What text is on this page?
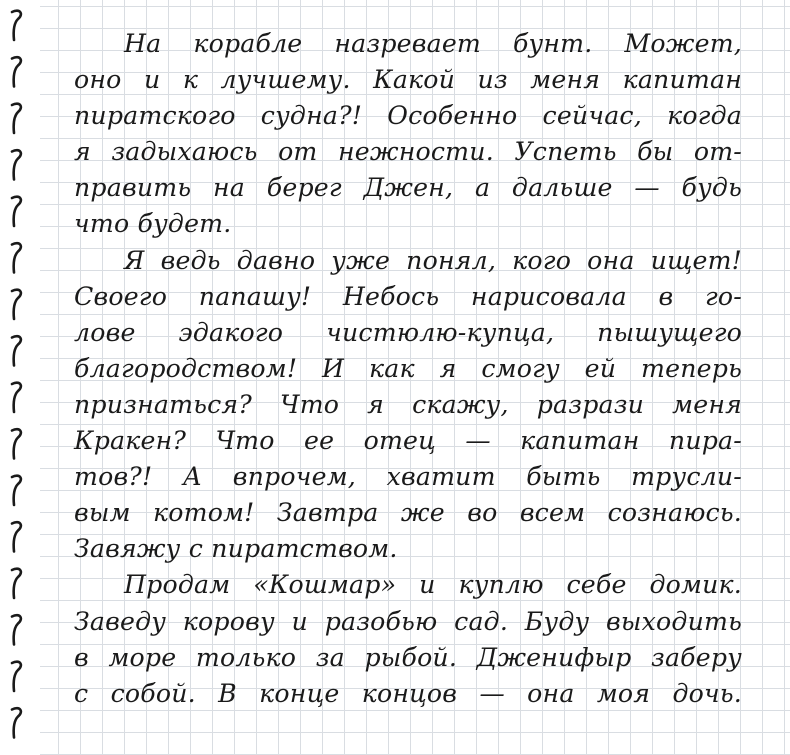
На корабле назревает бунт. Может,
оно и к лучшему. Какой из меня капитан
пиратского судна?! Особенно сейчас, когда
я задыхаюсь от нежности. Успеть бы от-
править на берег Джен, а дальше — будь
что будет.
Я ведь давно уже понял, кого она ищет!
Своего папашу! Небось нарисовала в го-
лове эдакого чистюлю-купца, пышущего
благородством! И как я смогу ей теперь
признаться? Что я скажу, разрази меня
Кракен? Что ее отец — капитан пира-
тов?! А впрочем, хватит быть трусли-
вым котом! Завтра же во всем сознаюсь.
Завяжу с пиратством.
Продам «Кошмар» и куплю себе домик.
Заведу корову и разобью сад. Буду выходить
в море только за рыбой. Дженифыр заберу
с собой. В конце концов — она моя дочь.
